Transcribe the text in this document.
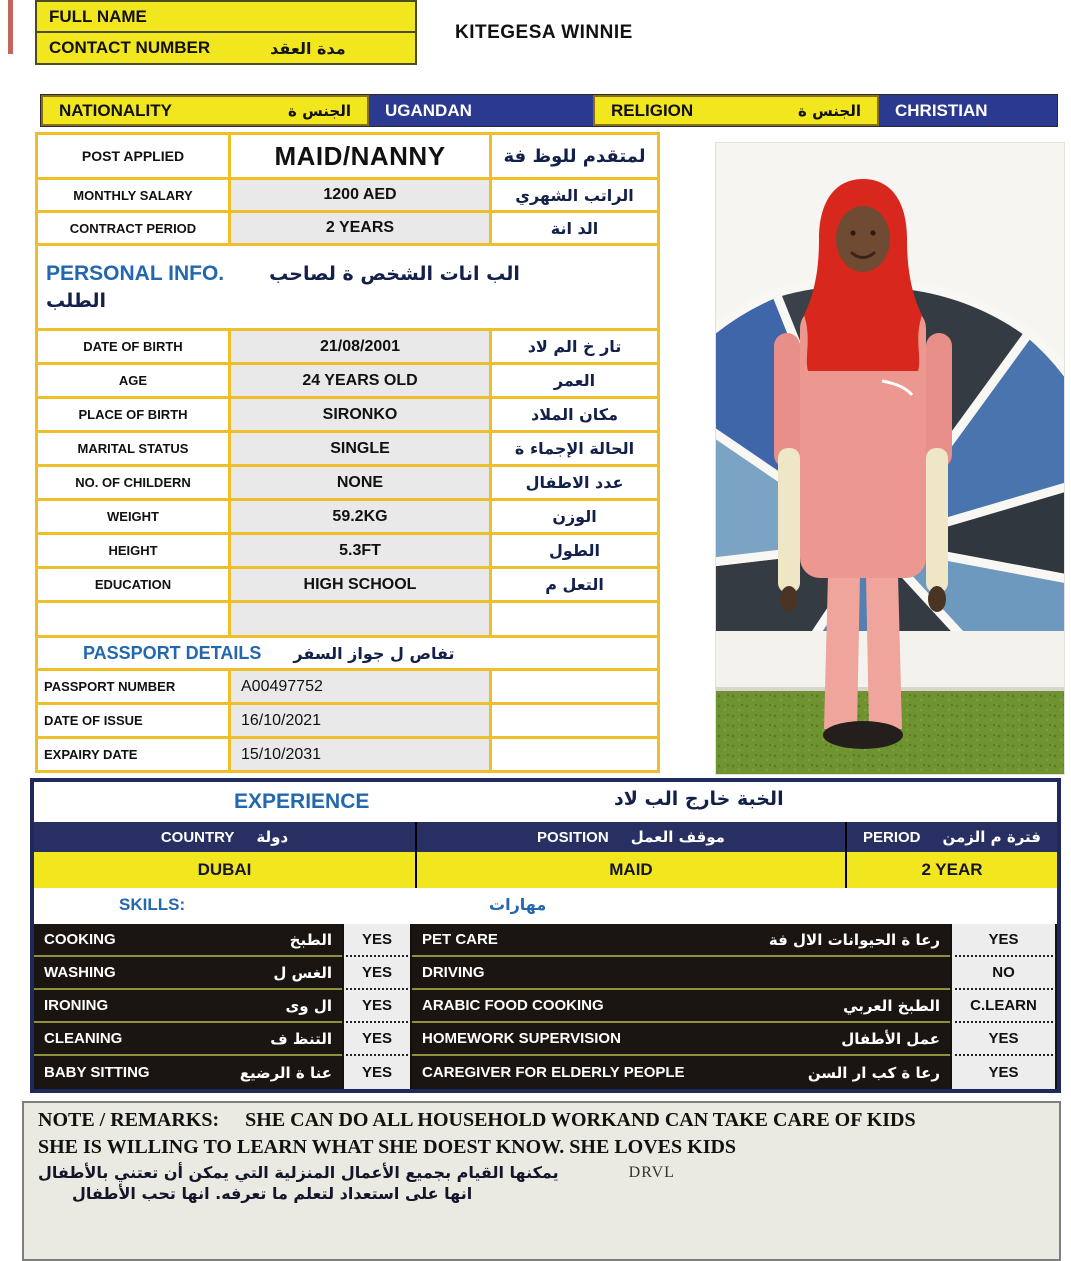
FULL NAME
CONTACT NUMBER	مدة العقد
KITEGESA WINNIE
NATIONALITY	الجنس ة	UGANDAN	RELIGION	الجنس ة	CHRISTIAN
POST APPLIED	MAID/NANNY	لمتقدم للوظ فة
MONTHLY SALARY	1200 AED	الراتب الشهري
CONTRACT PERIOD	2 YEARS	الد انة
PERSONAL INFO. الب انات الشخص ة لصاحب
الطلب
DATE OF BIRTH	21/08/2001	تار خ الم لاد
AGE	24 YEARS OLD	العمر
PLACE OF BIRTH	SIRONKO	مكان الملاد
MARITAL STATUS	SINGLE	الحالة الإجماء ة
NO. OF CHILDERN	NONE	عدد الاطفال
WEIGHT	59.2KG	الوزن
HEIGHT	5.3FT	الطول
EDUCATION	HIGH SCHOOL	التعل م
PASSPORT DETAILS تفاص ل جواز السفر
PASSPORT NUMBER	A00497752
DATE OF ISSUE	16/10/2021
EXPAIRY DATE	15/10/2031
EXPERIENCE	الخبة خارج الب لاد
COUNTRY دولة	POSITION موقف العمل	PERIOD فترة م الزمن
DUBAI	MAID	2 YEAR
SKILLS:	مهارات
COOKING	الطبخ	YES	PET CARE	رعا ة الحيوانات الال فة	YES
WASHING	الغس ل	YES	DRIVING	NO
IRONING	ال وى	YES	ARABIC FOOD COOKING	الطبخ العربي	C.LEARN
CLEANING	التنظ ف	YES	HOMEWORK SUPERVISION	عمل الأطفال	YES
BABY SITTING	عنا ة الرضيع	YES	CAREGIVER FOR ELDERLY PEOPLE	رعا ة كب ار السن	YES
NOTE / REMARKS: SHE CAN DO ALL HOUSEHOLD WORKAND CAN TAKE CARE OF KIDS
SHE IS WILLING TO LEARN WHAT SHE DOEST KNOW. SHE LOVES KIDS
يمكنها القيام بجميع الأعمال المنزلية التي يمكن أن تعتني بالأطفال	DRVL
انها على استعداد لتعلم ما تعرفه. انها تحب الأطفال
